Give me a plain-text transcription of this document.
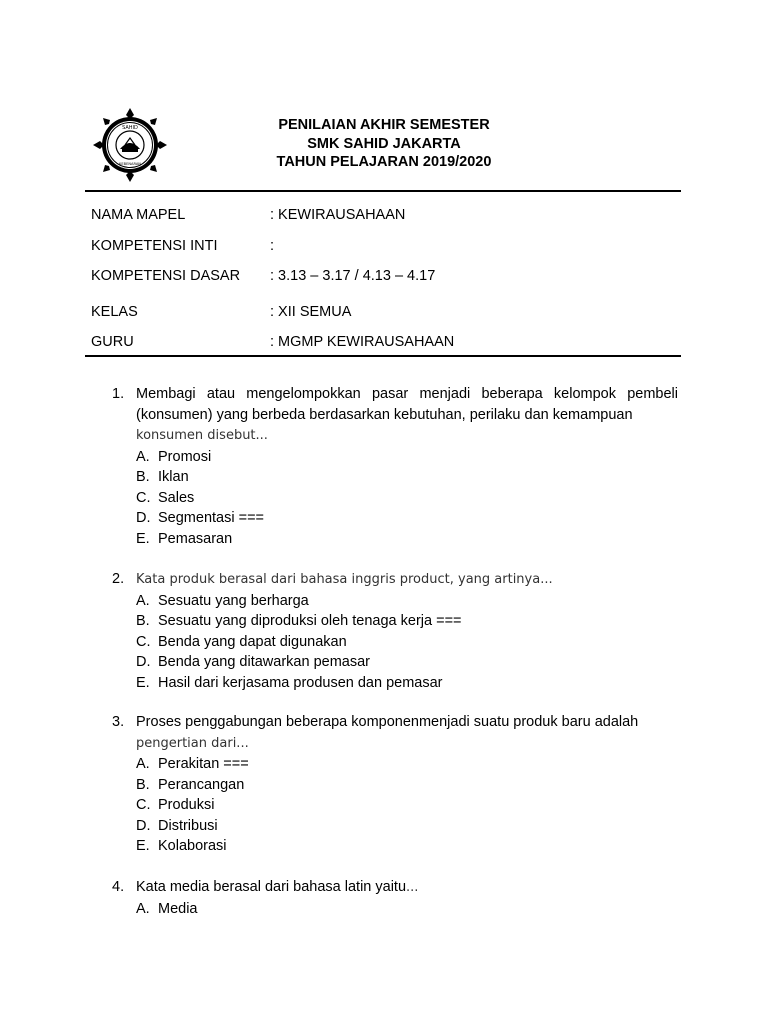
SAHID
KEBENARAN
PENILAIAN AKHIR SEMESTER
SMK SAHID JAKARTA
TAHUN PELAJARAN 2019/2020
NAMA MAPEL	: KEWIRAUSAHAAN
KOMPETENSI INTI	:
KOMPETENSI DASAR : 3.13 – 3.17 / 4.13 – 4.17
KELAS	: XII SEMUA
GURU	: MGMP KEWIRAUSAHAAN
1. Membagi atau mengelompokkan pasar menjadi beberapa kelompok pembeli (konsumen) yang berbeda berdasarkan kebutuhan, perilaku dan kemampuan
konsumen disebut...
A. Promosi
B. Iklan
C. Sales
D. Segmentasi ===
E. Pemasaran
2. Kata produk berasal dari bahasa inggris product, yang artinya...
A. Sesuatu yang berharga
B. Sesuatu yang diproduksi oleh tenaga kerja ===
C. Benda yang dapat digunakan
D. Benda yang ditawarkan pemasar
E. Hasil dari kerjasama produsen dan pemasar
3. Proses penggabungan beberapa komponenmenjadi suatu produk baru adalah
pengertian dari...
A. Perakitan ===
B. Perancangan
C. Produksi
D. Distribusi
E. Kolaborasi
4. Kata media berasal dari bahasa latin yaitu...
A. Media
